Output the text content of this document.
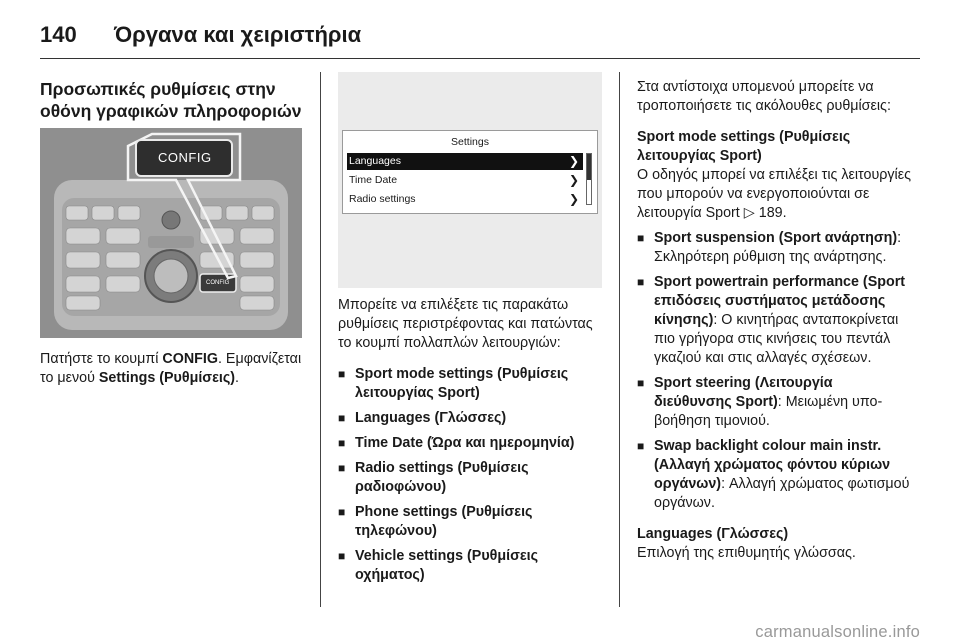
140 Όργανα και χειριστήρια

Προσωπικές ρυθμίσεις στην οθόνη γραφικών πληροφοριών

CONFIG
CONFIG

Πατήστε το κουμπί CONFIG. Εμφανίζεται το μενού Settings (Ρυθμίσεις).

Settings
Languages	❯
Time Date	❯
Radio settings	❯

Μπορείτε να επιλέξετε τις παρακάτω ρυθμίσεις περιστρέφοντας και πατώντας το κουμπί πολλαπλών λειτουργιών:

■ Sport mode settings (Ρυθμίσεις λειτουργίας Sport)
■ Languages (Γλώσσες)
■ Time Date (Ώρα και ημερομηνία)
■ Radio settings (Ρυθμίσεις ραδιοφώνου)
■ Phone settings (Ρυθμίσεις τηλεφώνου)
■ Vehicle settings (Ρυθμίσεις οχήματος)

Στα αντίστοιχα υπομενού μπορείτε να τροποποιήσετε τις ακόλουθες ρυθμίσεις:

Sport mode settings (Ρυθμίσεις λειτουργίας Sport)
Ο οδηγός μπορεί να επιλέξει τις λειτουργίες που μπορούν να ενεργοποιούνται σε λειτουργία Sport ▷ 189.

■ Sport suspension (Sport ανάρτηση): Σκληρότερη ρύθμιση της ανάρτησης.
■ Sport powertrain performance (Sport επιδόσεις συστήματος μετάδοσης κίνησης): Ο κινητήρας ανταποκρίνεται πιο γρήγορα στις κινήσεις του πεντάλ γκαζιού και στις αλλαγές σχέσεων.
■ Sport steering (Λειτουργία διεύθυνσης Sport): Μειωμένη υποβοήθηση τιμονιού.
■ Swap backlight colour main instr. (Αλλαγή χρώματος φόντου κύριων οργάνων): Αλλαγή χρώματος φωτισμού οργάνων.

Languages (Γλώσσες)
Επιλογή της επιθυμητής γλώσσας.

carmanualsonline.info
